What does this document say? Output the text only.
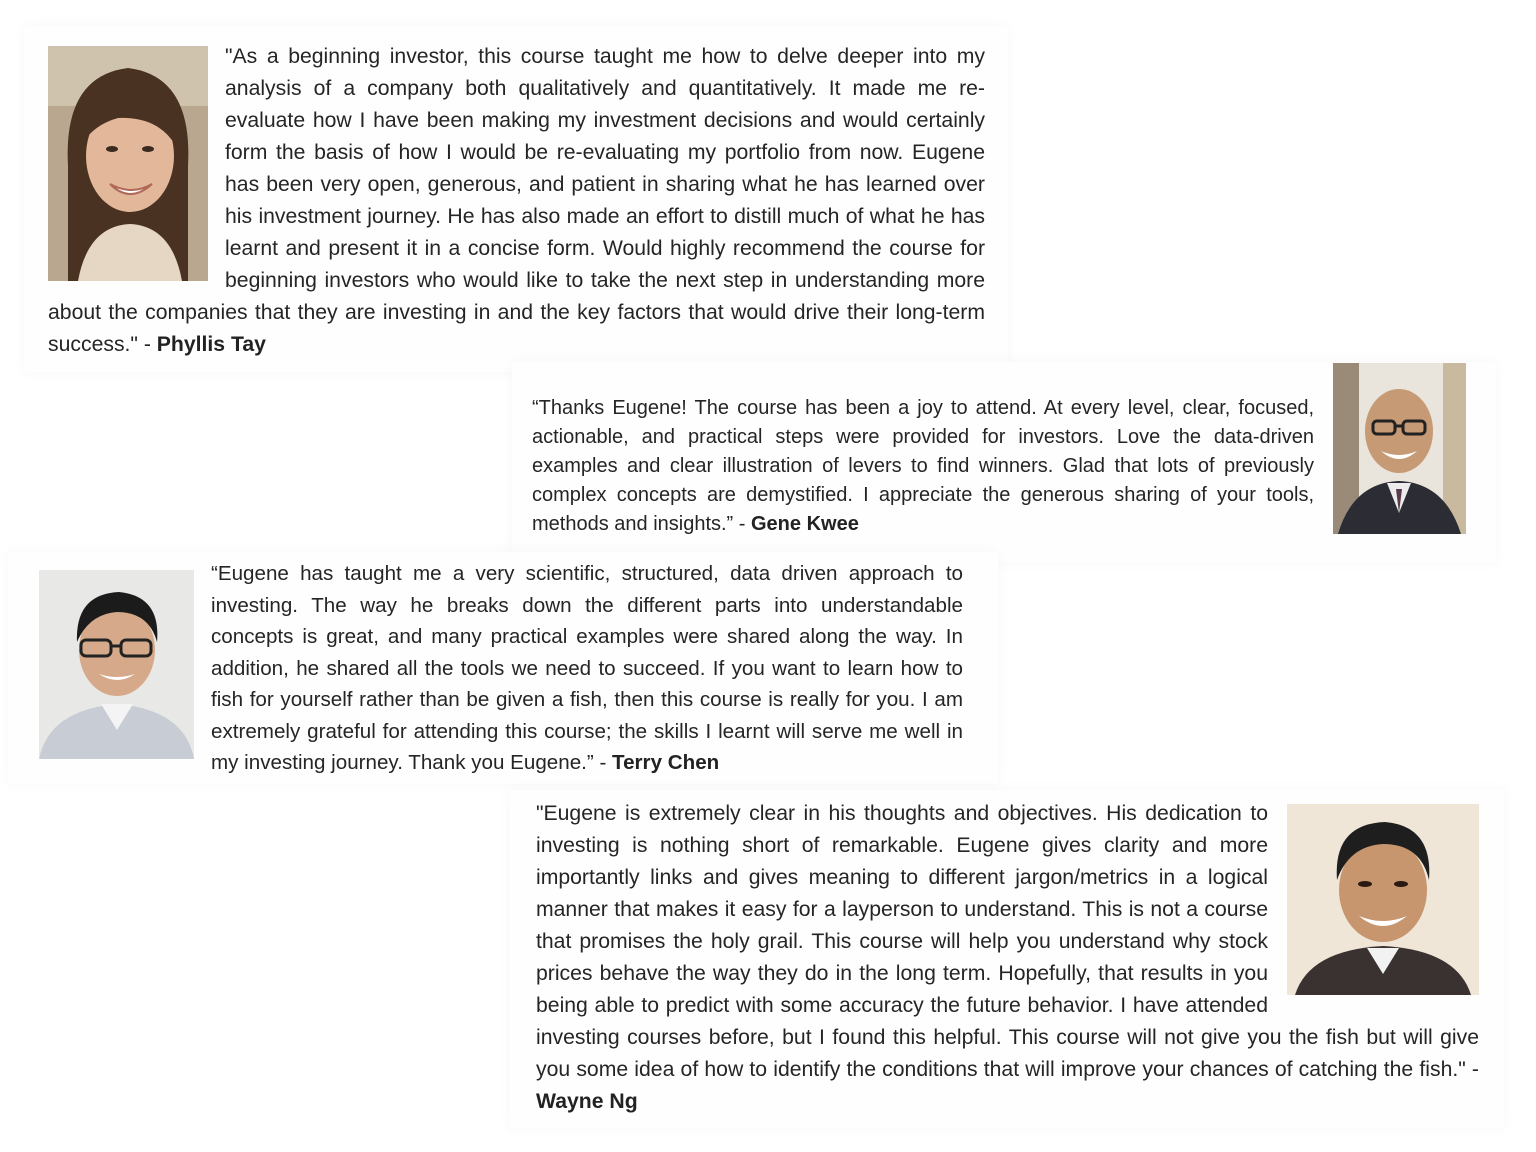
"As a beginning investor, this course taught me how to delve deeper into my analysis of a company both qualitatively and quantitatively. It made me re-evaluate how I have been making my investment decisions and would certainly form the basis of how I would be re-evaluating my portfolio from now. Eugene has been very open, generous, and patient in sharing what he has learned over his investment journey. He has also made an effort to distill much of what he has learnt and present it in a concise form. Would highly recommend the course for beginning investors who would like to take the next step in understanding more about the companies that they are investing in and the key factors that would drive their long-term success." - Phyllis Tay

“Thanks Eugene! The course has been a joy to attend. At every level, clear, focused, actionable, and practical steps were provided for investors. Love the data-driven examples and clear illustration of levers to find winners. Glad that lots of previously complex concepts are demystified. I appreciate the generous sharing of your tools, methods and insights.” - Gene Kwee

“Eugene has taught me a very scientific, structured, data driven approach to investing. The way he breaks down the different parts into understandable concepts is great, and many practical examples were shared along the way. In addition, he shared all the tools we need to succeed. If you want to learn how to fish for yourself rather than be given a fish, then this course is really for you. I am extremely grateful for attending this course; the skills I learnt will serve me well in my investing journey. Thank you Eugene.” - Terry Chen

"Eugene is extremely clear in his thoughts and objectives. His dedication to investing is nothing short of remarkable. Eugene gives clarity and more importantly links and gives meaning to different jargon/metrics in a logical manner that makes it easy for a layperson to understand. This is not a course that promises the holy grail. This course will help you understand why stock prices behave the way they do in the long term. Hopefully, that results in you being able to predict with some accuracy the future behavior. I have attended investing courses before, but I found this helpful. This course will not give you the fish but will give you some idea of how to identify the conditions that will improve your chances of catching the fish." - Wayne Ng
